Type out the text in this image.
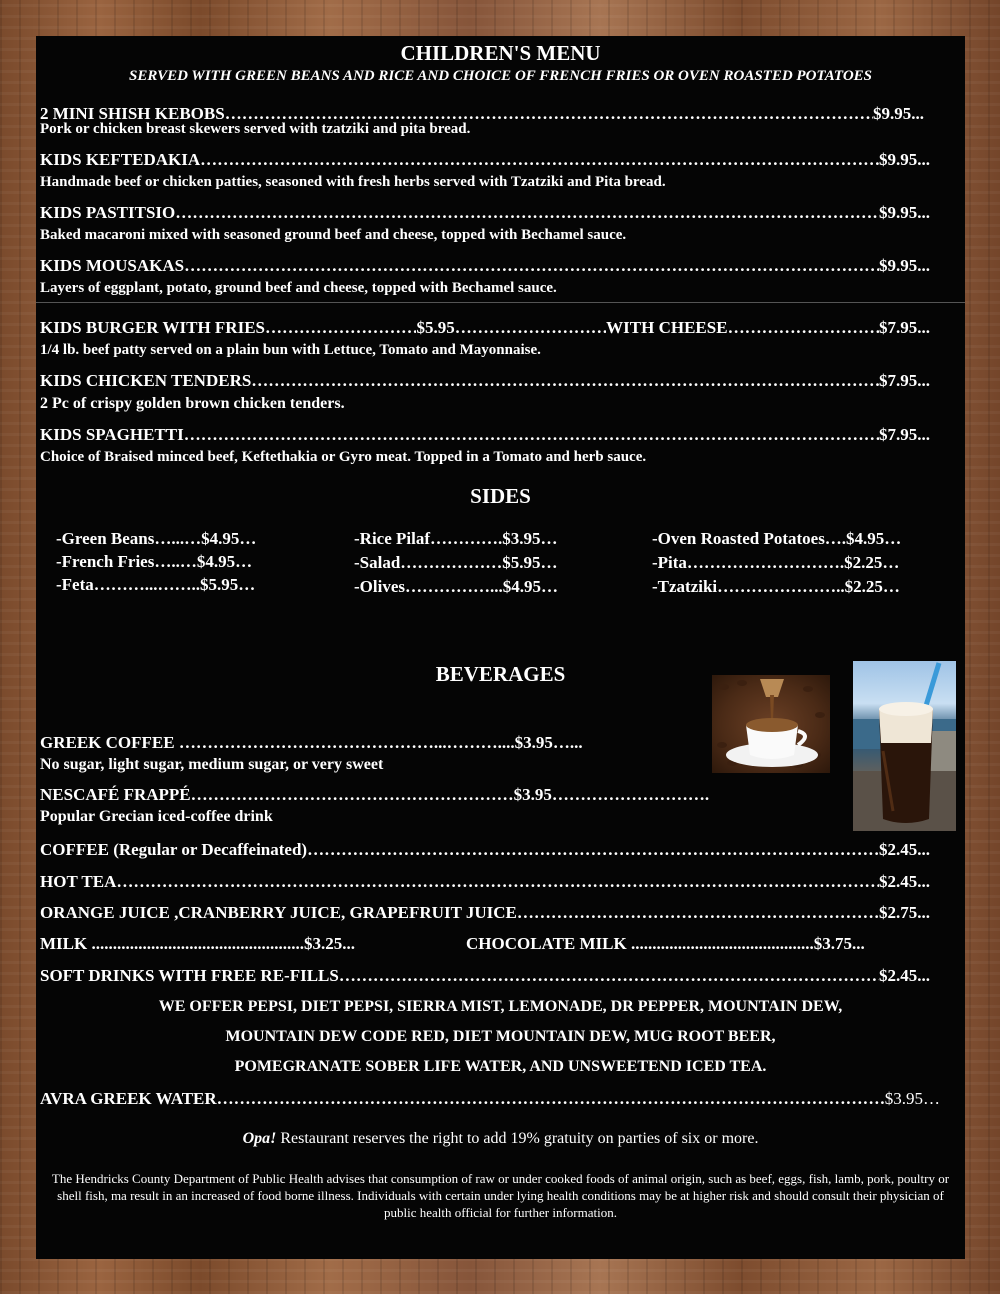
CHILDREN'S MENU
SERVED WITH GREEN BEANS AND RICE AND CHOICE OF FRENCH FRIES OR OVEN ROASTED POTATOES
2 MINI SHISH KEBOBS …………………………………………………………………………………………………………………………………………………………………………………………………………………………………………	$9.95...
Pork or chicken breast skewers served with tzatziki and pita bread.
KIDS KEFTEDAKIA …………………………………………………………………………………………………………………………………………………………………………………………………………………………………………	$9.95...
Handmade beef or chicken patties, seasoned with fresh herbs served with Tzatziki and Pita bread.
KIDS PASTITSIO …………………………………………………………………………………………………………………………………………………………………………………………………………………………………………	$9.95...
Baked macaroni mixed with seasoned ground beef and cheese, topped with Bechamel sauce.
KIDS MOUSAKAS …………………………………………………………………………………………………………………………………………………………………………………………………………………………………………	$9.95...
Layers of eggplant, potato, ground beef and cheese, topped with Bechamel sauce.
KIDS BURGER WITH FRIES …………………………………………………………………………………………………………………………………………………………………………………………………………………………………………	$5.95 …………………………………………………………………………………………………………………………………………………………………………………………………………………………………………	WITH CHEESE …………………………………………………………………………………………………………………………………………………………………………………………………………………………………………	$7.95...
1/4 lb. beef patty served on a plain bun with Lettuce, Tomato and Mayonnaise.
KIDS CHICKEN TENDERS …………………………………………………………………………………………………………………………………………………………………………………………………………………………………………	$7.95...
2 Pc of crispy golden brown chicken tenders.
KIDS SPAGHETTI …………………………………………………………………………………………………………………………………………………………………………………………………………………………………………	$7.95...
Choice of Braised minced beef, Keftethakia or Gyro meat. Topped in a Tomato and herb sauce.
SIDES
-Green Beans…...…$4.95…
-French Fries…..…$4.95…
-Feta………...……..$5.95…
-Rice Pilaf………….$3.95…
-Salad………………$5.95…
-Olives……………...$4.95…
-Oven Roasted Potatoes….$4.95…
-Pita……………………….$2.25…
-Tzatziki…………………..$2.25…
BEVERAGES
GREEK COFFEE ………………………………………...………....$3.95…...
No sugar, light sugar, medium sugar, or very sweet
NESCAFÉ FRAPPÉ…………………………………………………$3.95……………………….
Popular Grecian iced-coffee drink
COFFEE (Regular or Decaffeinated) …………………………………………………………………………………………………………………………………………………………………………………………………………………………………………	$2.45...
HOT TEA …………………………………………………………………………………………………………………………………………………………………………………………………………………………………………	$2.45...
ORANGE JUICE ,CRANBERRY JUICE, GRAPEFRUIT JUICE …………………………………………………………………………………………………………………………………………………………………………………………………………………………………………	$2.75...
MILK ..................................................$3.25...	CHOCOLATE MILK ...........................................$3.75...
SOFT DRINKS WITH FREE RE-FILLS …………………………………………………………………………………………………………………………………………………………………………………………………………………………………………	$2.45...
WE OFFER PEPSI, DIET PEPSI, SIERRA MIST, LEMONADE, DR PEPPER, MOUNTAIN DEW,
MOUNTAIN DEW CODE RED, DIET MOUNTAIN DEW, MUG ROOT BEER,
POMEGRANATE SOBER LIFE WATER, AND UNSWEETEND ICED TEA.
AVRA GREEK WATER …………………………………………………………………………………………………………………………………………………………………………………………………………………………………………	$3.95…
Opa! Restaurant reserves the right to add 19% gratuity on parties of six or more.
The Hendricks County Department of Public Health advises that consumption of raw or under cooked foods of animal origin, such as beef, eggs, fish, lamb, pork, poultry or shell fish, ma result in an increased of food borne illness. Individuals with certain under lying health conditions may be at higher risk and should consult their physician of public health official for further information.
